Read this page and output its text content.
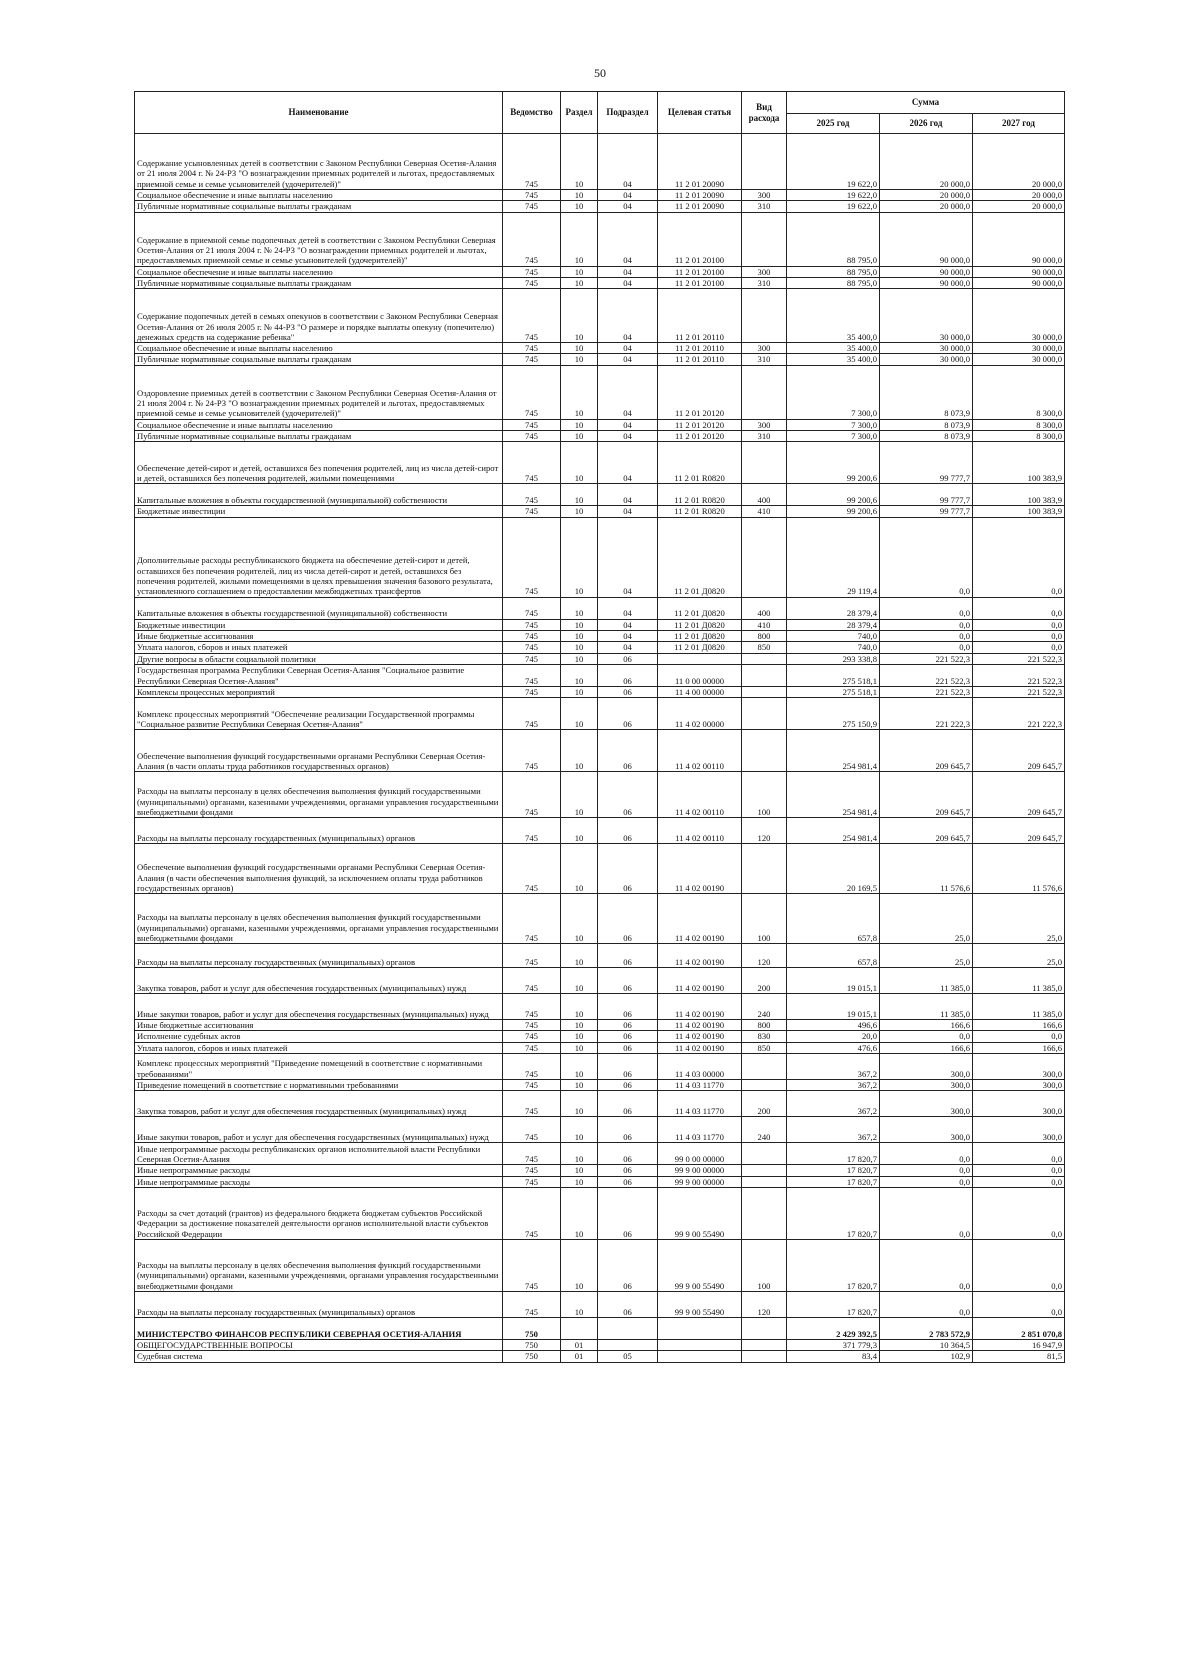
50
Наименование	Ведомство	Раздел	Подраздел	Целевая статья	Вид расхода	Сумма		
						2025 год	2026 год	2027 год
Содержание усыновленных детей в соответствии с Законом Республики Северная Осетия-Алания от 21 июля 2004 г. № 24-РЗ "О вознаграждении приемных родителей и льготах, предоставляемых приемной семье и семье усыновителей (удочерителей)"	745	10	04	11 2 01 20090		19 622,0	20 000,0	20 000,0
Социальное обеспечение и иные выплаты населению	745	10	04	11 2 01 20090	300	19 622,0	20 000,0	20 000,0
Публичные нормативные социальные выплаты гражданам	745	10	04	11 2 01 20090	310	19 622,0	20 000,0	20 000,0
Содержание в приемной семье подопечных детей в соответствии с Законом Республики Северная Осетия-Алания от 21 июля 2004 г. № 24-РЗ "О вознаграждении приемных родителей и льготах, предоставляемых приемной семье и семье усыновителей (удочерителей)"	745	10	04	11 2 01 20100		88 795,0	90 000,0	90 000,0
Социальное обеспечение и иные выплаты населению	745	10	04	11 2 01 20100	300	88 795,0	90 000,0	90 000,0
Публичные нормативные социальные выплаты гражданам	745	10	04	11 2 01 20100	310	88 795,0	90 000,0	90 000,0
Содержание подопечных детей в семьях опекунов в соответствии с Законом Республики Северная Осетия-Алания от 26 июля 2005 г. № 44-РЗ "О размере и порядке выплаты опекуну (попечителю) денежных средств на содержание ребенка"	745	10	04	11 2 01 20110		35 400,0	30 000,0	30 000,0
Социальное обеспечение и иные выплаты населению	745	10	04	11 2 01 20110	300	35 400,0	30 000,0	30 000,0
Публичные нормативные социальные выплаты гражданам	745	10	04	11 2 01 20110	310	35 400,0	30 000,0	30 000,0
Оздоровление приемных детей в соответствии с Законом Республики Северная Осетия-Алания от 21 июля 2004 г. № 24-РЗ "О вознаграждении приемных родителей и льготах, предоставляемых приемной семье и семье усыновителей (удочерителей)"	745	10	04	11 2 01 20120		7 300,0	8 073,9	8 300,0
Социальное обеспечение и иные выплаты населению	745	10	04	11 2 01 20120	300	7 300,0	8 073,9	8 300,0
Публичные нормативные социальные выплаты гражданам	745	10	04	11 2 01 20120	310	7 300,0	8 073,9	8 300,0
Обеспечение детей-сирот и детей, оставшихся без попечения родителей, лиц из числа детей-сирот и детей, оставшихся без попечения родителей, жилыми помещениями	745	10	04	11 2 01 R0820		99 200,6	99 777,7	100 383,9
Капитальные вложения в объекты государственной (муниципальной) собственности	745	10	04	11 2 01 R0820	400	99 200,6	99 777,7	100 383,9
Бюджетные инвестиции	745	10	04	11 2 01 R0820	410	99 200,6	99 777,7	100 383,9
Дополнительные расходы республиканского бюджета на обеспечение детей-сирот и детей, оставшихся без попечения родителей, лиц из числа детей-сирот и детей, оставшихся без попечения родителей, жилыми помещениями в целях превышения значения базового результата, установленного соглашением о предоставлении межбюджетных трансфертов	745	10	04	11 2 01 Д0820		29 119,4	0,0	0,0
Капитальные вложения в объекты государственной (муниципальной) собственности	745	10	04	11 2 01 Д0820	400	28 379,4	0,0	0,0
Бюджетные инвестиции	745	10	04	11 2 01 Д0820	410	28 379,4	0,0	0,0
Иные бюджетные ассигнования	745	10	04	11 2 01 Д0820	800	740,0	0,0	0,0
Уплата налогов, сборов и иных платежей	745	10	04	11 2 01 Д0820	850	740,0	0,0	0,0
Другие вопросы в области социальной политики	745	10	06			293 338,8	221 522,3	221 522,3
Государственная программа Республики Северная Осетия-Алания "Социальное развитие Республики Северная Осетия-Алания"	745	10	06	11 0 00 00000		275 518,1	221 522,3	221 522,3
Комплексы процессных мероприятий	745	10	06	11 4 00 00000		275 518,1	221 522,3	221 522,3
Комплекс процессных мероприятий "Обеспечение реализации Государственной программы "Социальное развитие Республики Северная Осетия-Алания"	745	10	06	11 4 02 00000		275 150,9	221 222,3	221 222,3
Обеспечение выполнения функций государственными органами Республики Северная Осетия-Алания (в части оплаты труда работников государственных органов)	745	10	06	11 4 02 00110		254 981,4	209 645,7	209 645,7
Расходы на выплаты персоналу в целях обеспечения выполнения функций государственными (муниципальными) органами, казенными учреждениями, органами управления государственными внебюджетными фондами	745	10	06	11 4 02 00110	100	254 981,4	209 645,7	209 645,7
Расходы на выплаты персоналу государственных (муниципальных) органов	745	10	06	11 4 02 00110	120	254 981,4	209 645,7	209 645,7
Обеспечение выполнения функций государственными органами Республики Северная Осетия-Алания (в части обеспечения выполнения функций, за исключением оплаты труда работников государственных органов)	745	10	06	11 4 02 00190		20 169,5	11 576,6	11 576,6
Расходы на выплаты персоналу в целях обеспечения выполнения функций государственными (муниципальными) органами, казенными учреждениями, органами управления государственными внебюджетными фондами	745	10	06	11 4 02 00190	100	657,8	25,0	25,0
Расходы на выплаты персоналу государственных (муниципальных) органов	745	10	06	11 4 02 00190	120	657,8	25,0	25,0
Закупка товаров, работ и услуг для обеспечения государственных (муниципальных) нужд	745	10	06	11 4 02 00190	200	19 015,1	11 385,0	11 385,0
Иные закупки товаров, работ и услуг для обеспечения государственных (муниципальных) нужд	745	10	06	11 4 02 00190	240	19 015,1	11 385,0	11 385,0
Иные бюджетные ассигнования	745	10	06	11 4 02 00190	800	496,6	166,6	166,6
Исполнение судебных актов	745	10	06	11 4 02 00190	830	20,0	0,0	0,0
Уплата налогов, сборов и иных платежей	745	10	06	11 4 02 00190	850	476,6	166,6	166,6
Комплекс процессных мероприятий "Приведение помещений в соответствие с нормативными требованиями"	745	10	06	11 4 03 00000		367,2	300,0	300,0
Приведение помещений в соответствие с нормативными требованиями	745	10	06	11 4 03 11770		367,2	300,0	300,0
Закупка товаров, работ и услуг для обеспечения государственных (муниципальных) нужд	745	10	06	11 4 03 11770	200	367,2	300,0	300,0
Иные закупки товаров, работ и услуг для обеспечения государственных (муниципальных) нужд	745	10	06	11 4 03 11770	240	367,2	300,0	300,0
Иные непрограммные расходы республиканских органов исполнительной власти Республики Северная Осетия-Алания	745	10	06	99 0 00 00000		17 820,7	0,0	0,0
Иные непрограммные расходы	745	10	06	99 9 00 00000		17 820,7	0,0	0,0
Иные непрограммные расходы	745	10	06	99 9 00 00000		17 820,7	0,0	0,0
Расходы за счет дотаций (грантов) из федерального бюджета бюджетам субъектов Российской Федерации за достижение показателей деятельности органов исполнительной власти субъектов Российской Федерации	745	10	06	99 9 00 55490		17 820,7	0,0	0,0
Расходы на выплаты персоналу в целях обеспечения выполнения функций государственными (муниципальными) органами, казенными учреждениями, органами управления государственными внебюджетными фондами	745	10	06	99 9 00 55490	100	17 820,7	0,0	0,0
Расходы на выплаты персоналу государственных (муниципальных) органов	745	10	06	99 9 00 55490	120	17 820,7	0,0	0,0
МИНИСТЕРСТВО ФИНАНСОВ РЕСПУБЛИКИ СЕВЕРНАЯ ОСЕТИЯ-АЛАНИЯ	750					2 429 392,5	2 783 572,9	2 851 070,8
ОБЩЕГОСУДАРСТВЕННЫЕ ВОПРОСЫ	750	01				371 779,3	10 364,5	16 947,9
Судебная система	750	01	05			83,4	102,9	81,5
